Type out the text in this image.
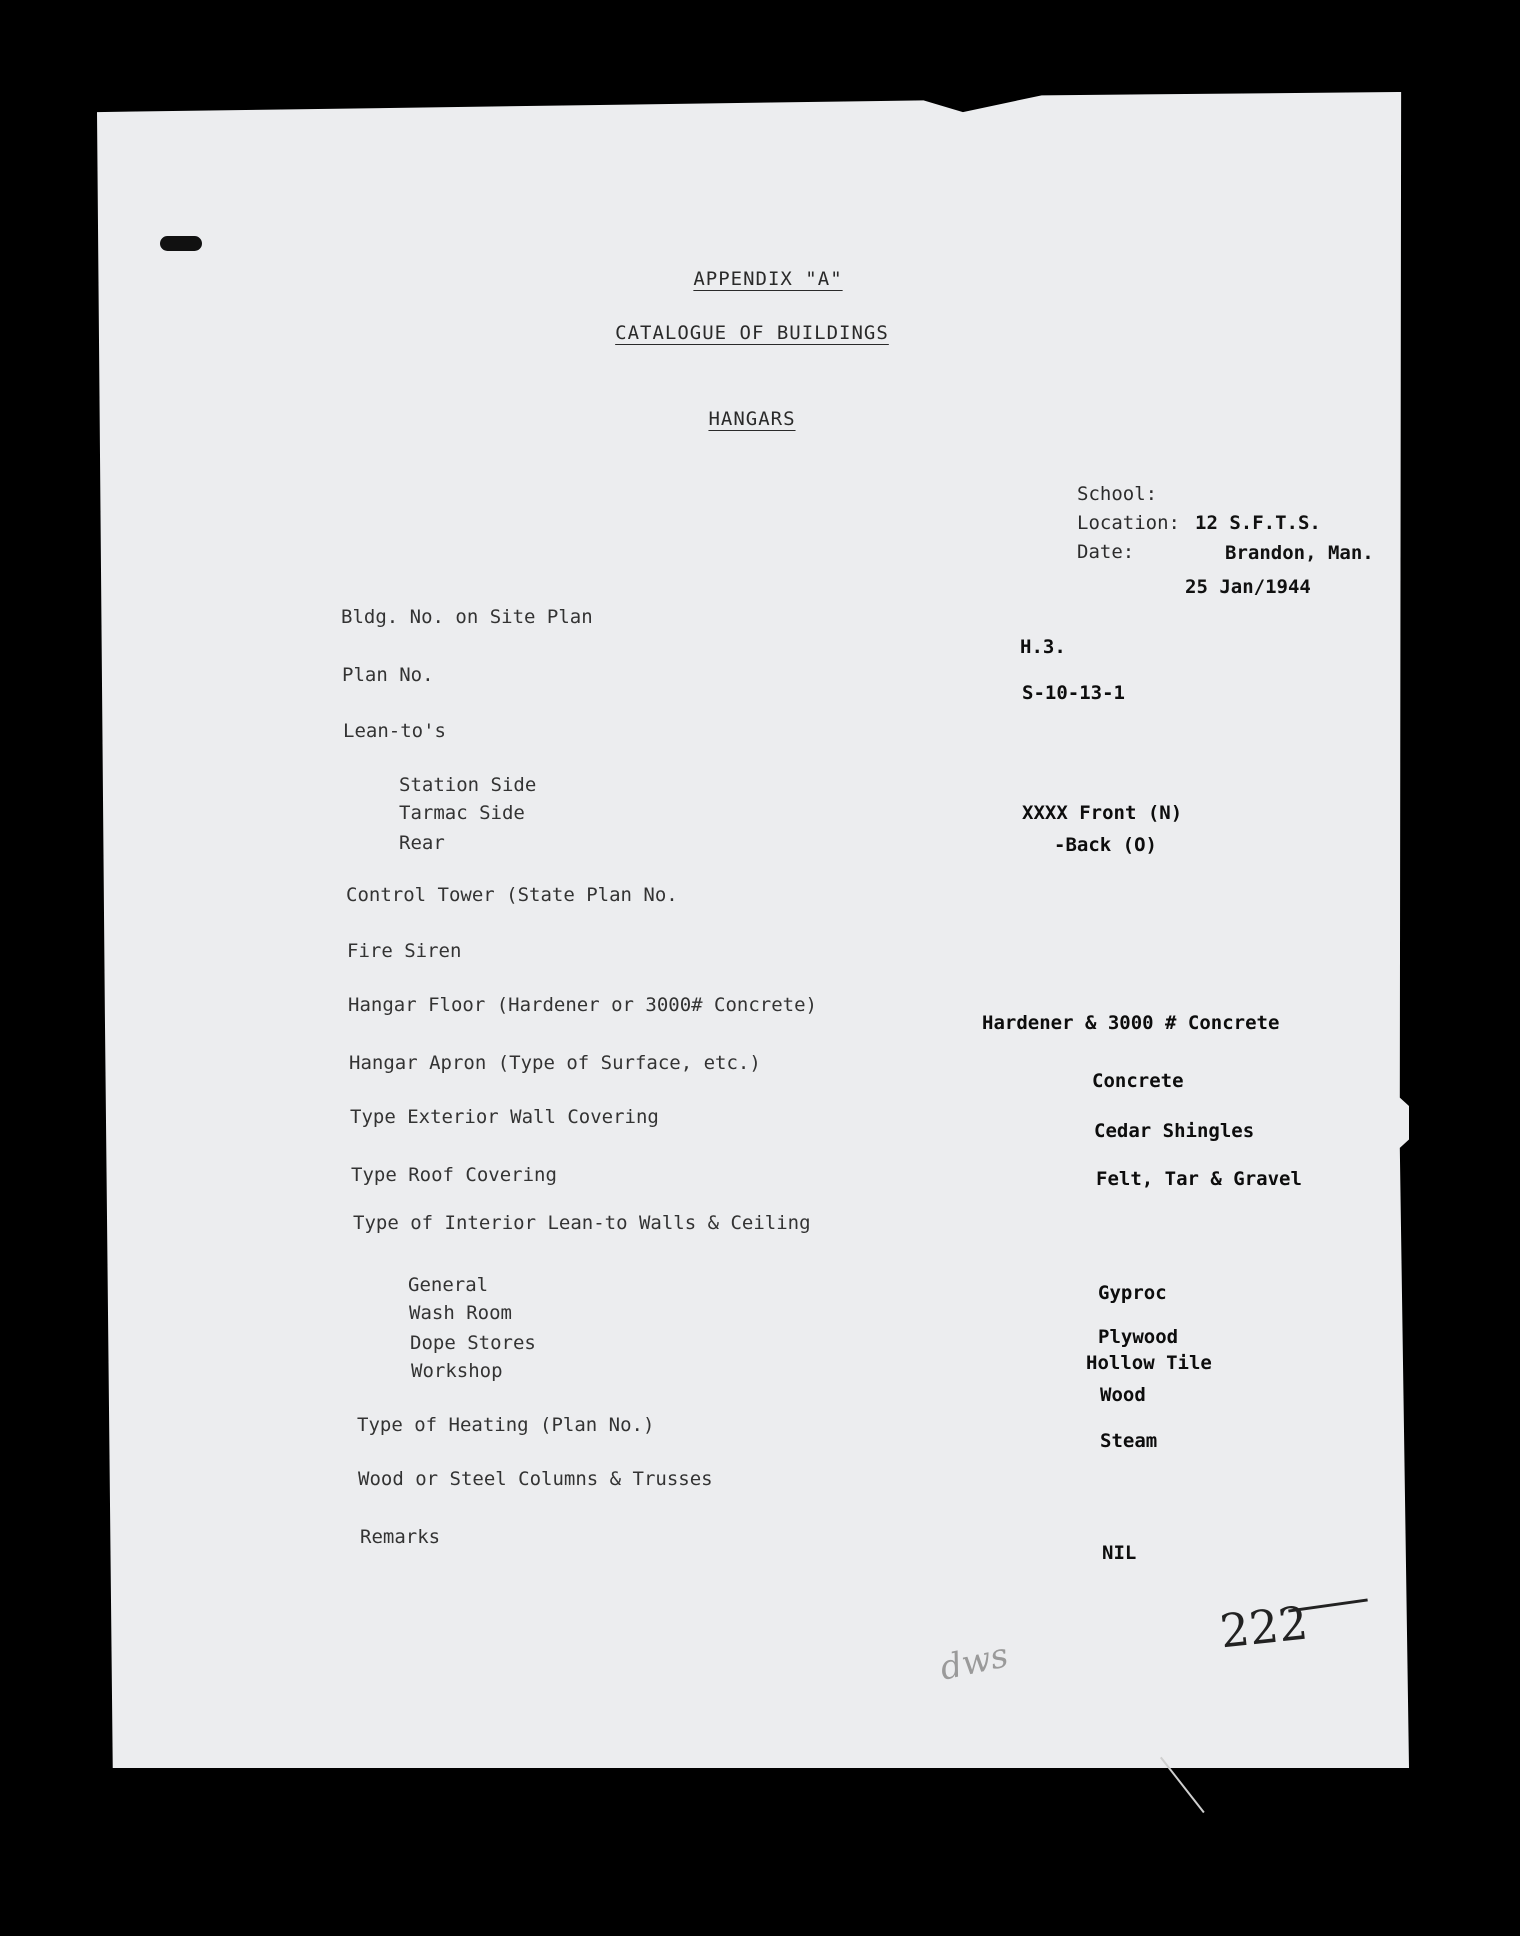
APPENDIX "A"
CATALOGUE OF BUILDINGS
HANGARS
School:
Location:
Date:
12 S.F.T.S.
Brandon, Man.
25 Jan/1944
Bldg. No. on Site Plan
Plan No.
Lean-to's
Station Side
Tarmac Side
Rear
Control Tower (State Plan No.
Fire Siren
Hangar Floor (Hardener or 3000# Concrete)
Hangar Apron (Type of Surface, etc.)
Type Exterior Wall Covering
Type Roof Covering
Type of Interior Lean-to Walls & Ceiling
General
Wash Room
Dope Stores
Workshop
Type of Heating (Plan No.)
Wood or Steel Columns & Trusses
Remarks
H.3.
S-10-13-1
XXXX Front (N)
-Back (O)
Hardener & 3000 # Concrete
Concrete
Cedar Shingles
Felt, Tar & Gravel
Gyproc
Plywood
Hollow Tile
Wood
Steam
NIL
222
dws
